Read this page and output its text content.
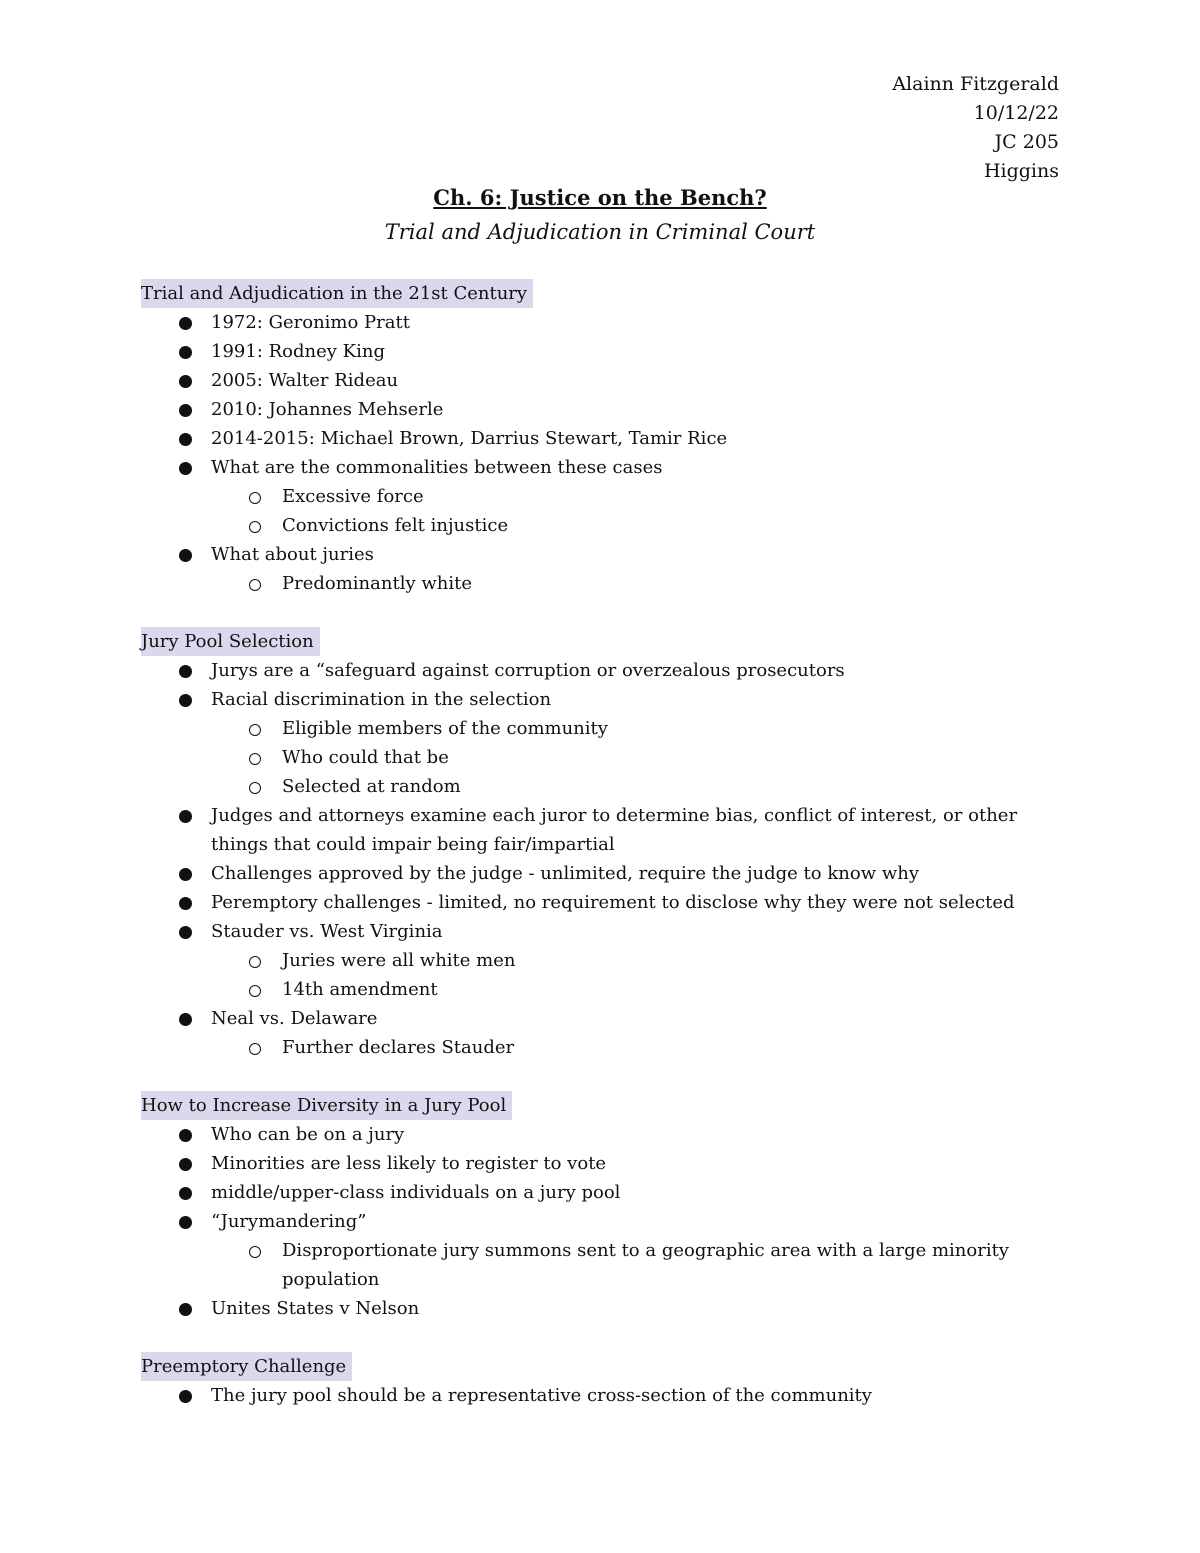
Alainn Fitzgerald
10/12/22
JC 205
Higgins
Ch. 6: Justice on the Bench?
Trial and Adjudication in Criminal Court
Trial and Adjudication in the 21st Century
1972: Geronimo Pratt
1991: Rodney King
2005: Walter Rideau
2010: Johannes Mehserle
2014-2015: Michael Brown, Darrius Stewart, Tamir Rice
What are the commonalities between these cases
Excessive force
Convictions felt injustice
What about juries
Predominantly white
Jury Pool Selection
Jurys are a “safeguard against corruption or overzealous prosecutors
Racial discrimination in the selection
Eligible members of the community
Who could that be
Selected at random
Judges and attorneys examine each juror to determine bias, conflict of interest, or other things that could impair being fair/impartial
Challenges approved by the judge - unlimited, require the judge to know why
Peremptory challenges - limited, no requirement to disclose why they were not selected
Stauder vs. West Virginia
Juries were all white men
14th amendment
Neal vs. Delaware
Further declares Stauder
How to Increase Diversity in a Jury Pool
Who can be on a jury
Minorities are less likely to register to vote
middle/upper-class individuals on a jury pool
“Jurymandering”
Disproportionate jury summons sent to a geographic area with a large minority population
Unites States v Nelson
Preemptory Challenge
The jury pool should be a representative cross-section of the community
